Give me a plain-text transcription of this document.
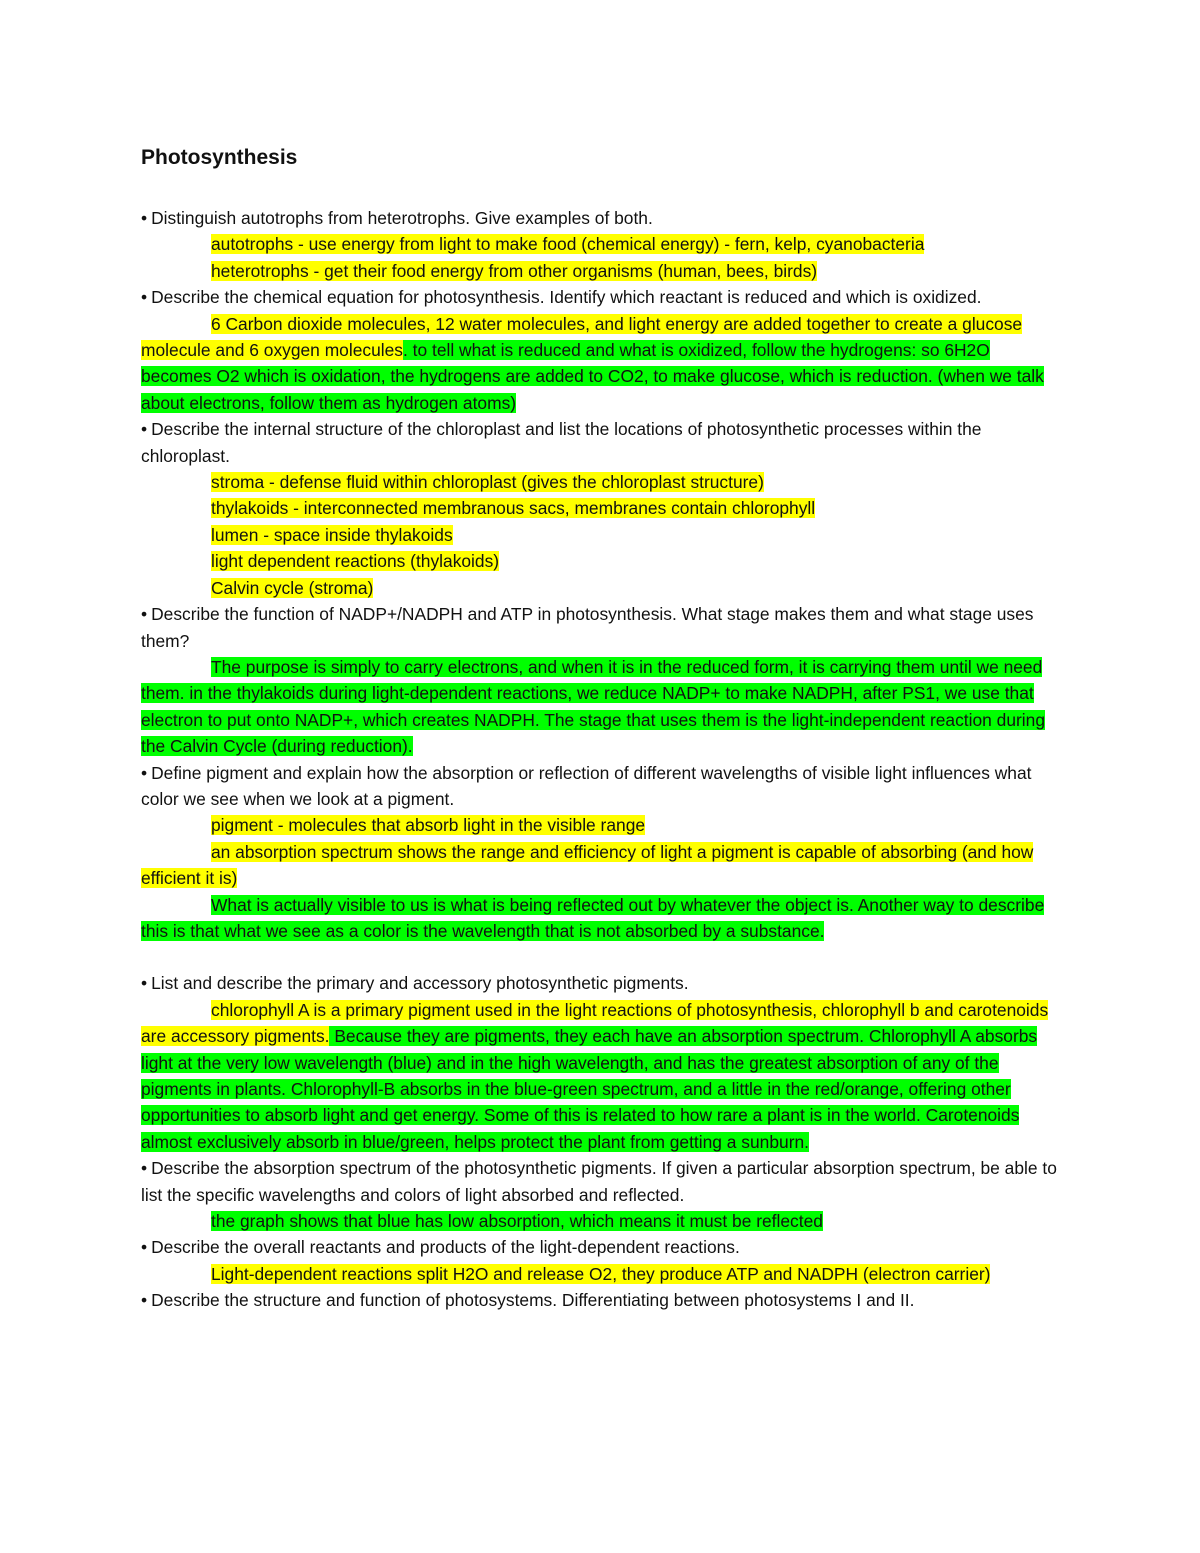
Photosynthesis

• Distinguish autotrophs from heterotrophs. Give examples of both.

autotrophs - use energy from light to make food (chemical energy) - fern, kelp, cyanobacteria

heterotrophs - get their food energy from other organisms (human, bees, birds)

• Describe the chemical equation for photosynthesis. Identify which reactant is reduced and which is oxidized.

6 Carbon dioxide molecules, 12 water molecules, and light energy are added together to create a glucose molecule and 6 oxygen molecules. to tell what is reduced and what is oxidized, follow the hydrogens: so 6H2O becomes O2 which is oxidation, the hydrogens are added to CO2, to make glucose, which is reduction. (when we talk about electrons, follow them as hydrogen atoms)

• Describe the internal structure of the chloroplast and list the locations of photosynthetic processes within the chloroplast.

stroma - defense fluid within chloroplast (gives the chloroplast structure)

thylakoids - interconnected membranous sacs, membranes contain chlorophyll

lumen - space inside thylakoids

light dependent reactions (thylakoids)

Calvin cycle (stroma)

• Describe the function of NADP+/NADPH and ATP in photosynthesis. What stage makes them and what stage uses them?

The purpose is simply to carry electrons, and when it is in the reduced form, it is carrying them until we need them. in the thylakoids during light-dependent reactions, we reduce NADP+ to make NADPH, after PS1, we use that electron to put onto NADP+, which creates NADPH. The stage that uses them is the light-independent reaction during the Calvin Cycle (during reduction).

• Define pigment and explain how the absorption or reflection of different wavelengths of visible light influences what color we see when we look at a pigment.

pigment - molecules that absorb light in the visible range

an absorption spectrum shows the range and efficiency of light a pigment is capable of absorbing (and how efficient it is)

What is actually visible to us is what is being reflected out by whatever the object is. Another way to describe this is that what we see as a color is the wavelength that is not absorbed by a substance.

• List and describe the primary and accessory photosynthetic pigments.

chlorophyll A is a primary pigment used in the light reactions of photosynthesis, chlorophyll b and carotenoids are accessory pigments. Because they are pigments, they each have an absorption spectrum. Chlorophyll A absorbs light at the very low wavelength (blue) and in the high wavelength, and has the greatest absorption of any of the pigments in plants. Chlorophyll-B absorbs in the blue-green spectrum, and a little in the red/orange, offering other opportunities to absorb light and get energy. Some of this is related to how rare a plant is in the world. Carotenoids almost exclusively absorb in blue/green, helps protect the plant from getting a sunburn.

• Describe the absorption spectrum of the photosynthetic pigments. If given a particular absorption spectrum, be able to list the specific wavelengths and colors of light absorbed and reflected.

the graph shows that blue has low absorption, which means it must be reflected

• Describe the overall reactants and products of the light-dependent reactions.

Light-dependent reactions split H2O and release O2, they produce ATP and NADPH (electron carrier)

• Describe the structure and function of photosystems. Differentiating between photosystems I and II.
